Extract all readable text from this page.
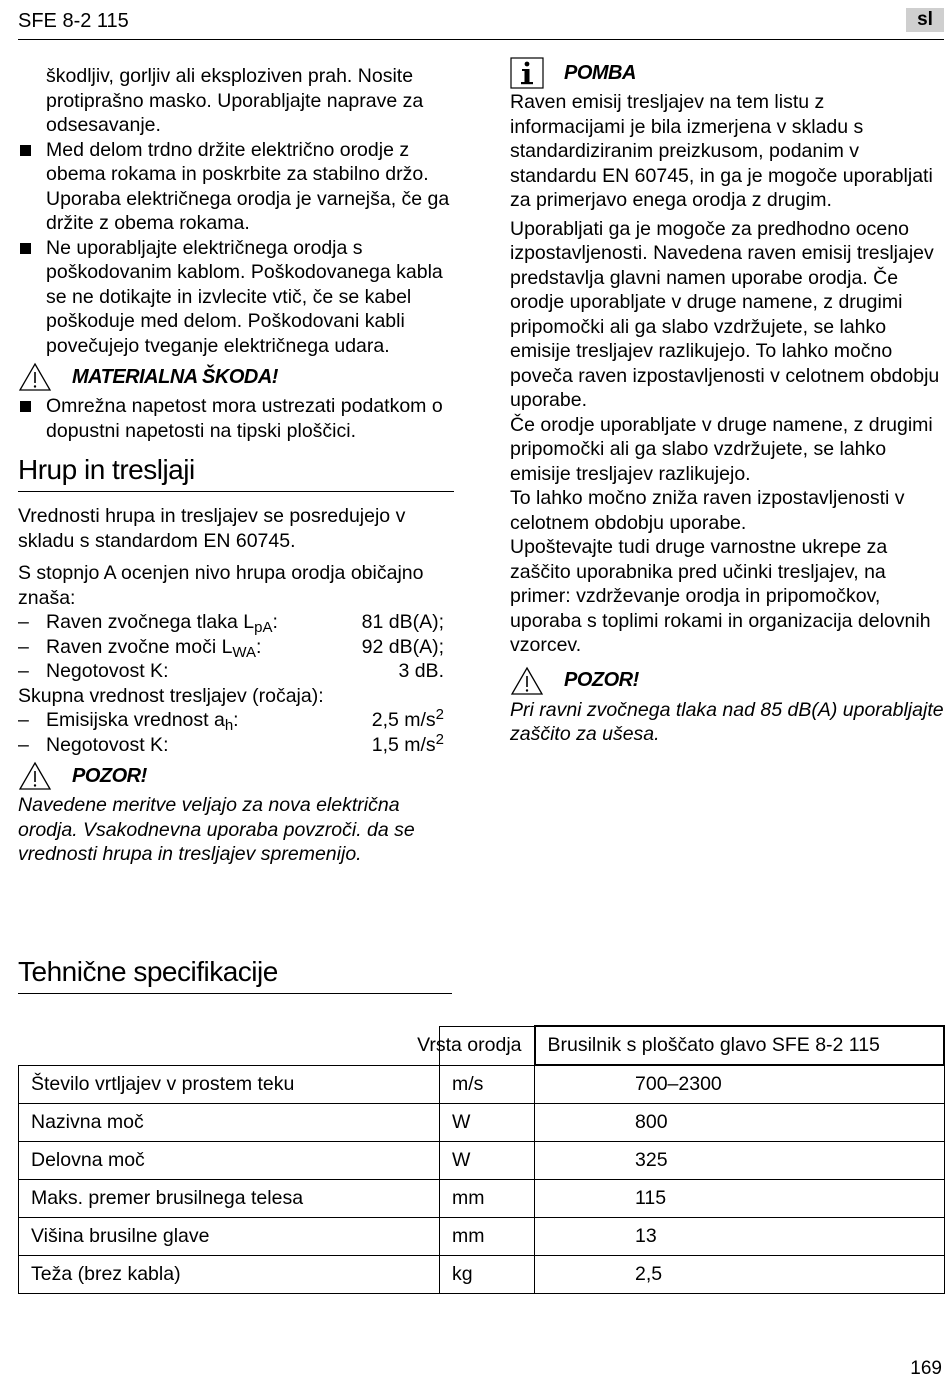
SFE 8-2 115	sl

škodljiv, gorljiv ali eksploziven prah. Nosite protiprašno masko. Uporabljajte naprave za odsesavanje.

Med delom trdno držite električno orodje z obema rokama in poskrbite za stabilno držo. Uporaba električnega orodja je varnejša, če ga držite z obema rokama.

Ne uporabljajte električnega orodja s poškodovanim kablom. Poškodovanega kabla se ne dotikajte in izvlecite vtič, če se kabel poškoduje med delom. Poškodovani kabli povečujejo tveganje električnega udara.

MATERIALNA ŠKODA!

Omrežna napetost mora ustrezati podatkom o dopustni napetosti na tipski ploščici.

Hrup in tresljaji

Vrednosti hrupa in tresljajev se posredujejo v skladu s standardom EN 60745.

S stopnjo A ocenjen nivo hrupa orodja običajno znaša:

– Raven zvočnega tlaka $L_{pA}$:	81 dB(A);
– Raven zvočne moči $L_{WA}$:	92 dB(A);
– Negotovost K:	3 dB.

Skupna vrednost tresljajev (ročaja):

– Emisijska vrednost $a_h$:	2,5 $m/s^2$
– Negotovost K:	1,5 $m/s^2$
POZOR!

Navedene meritve veljajo za nova električna orodja. Vsakodnevna uporaba povzroči. da se vrednosti hrupa in tresljajev spremenijo.

POMBA

Raven emisij tresljajev na tem listu z informacijami je bila izmerjena v skladu s standardiziranim preizkusom, podanim v standardu EN 60745, in ga je mogoče uporabljati za primerjavo enega orodja z drugim.

Uporabljati ga je mogoče za predhodno oceno izpostavljenosti. Navedena raven emisij tresljajev predstavlja glavni namen uporabe orodja. Če orodje uporabljate v druge namene, z drugimi pripomočki ali ga slabo vzdržujete, se lahko emisije tresljajev razlikujejo. To lahko močno poveča raven izpostavljenosti v celotnem obdobju uporabe.

Če orodje uporabljate v druge namene, z drugimi pripomočki ali ga slabo vzdržujete, se lahko emisije tresljajev razlikujejo.

To lahko močno zniža raven izpostavljenosti v celotnem obdobju uporabe.

Upoštevajte tudi druge varnostne ukrepe za zaščito uporabnika pred učinki tresljajev, na primer: vzdrževanje orodja in pripomočkov, uporaba s toplimi rokami in organizacija delovnih vzorcev.

POZOR!

Pri ravni zvočnega tlaka nad 85 dB(A) uporabljajte zaščito za ušesa.

Tehnične specifikacije
	Vrsta orodja	Brusilnik s ploščato glavo SFE 8-2 115
Število vrtljajev v prostem teku	m/s	700–2300
Nazivna moč	W	800
Delovna moč	W	325
Maks. premer brusilnega telesa	mm	115
Višina brusilne glave	mm	13
Teža (brez kabla)	kg	2,5
169
